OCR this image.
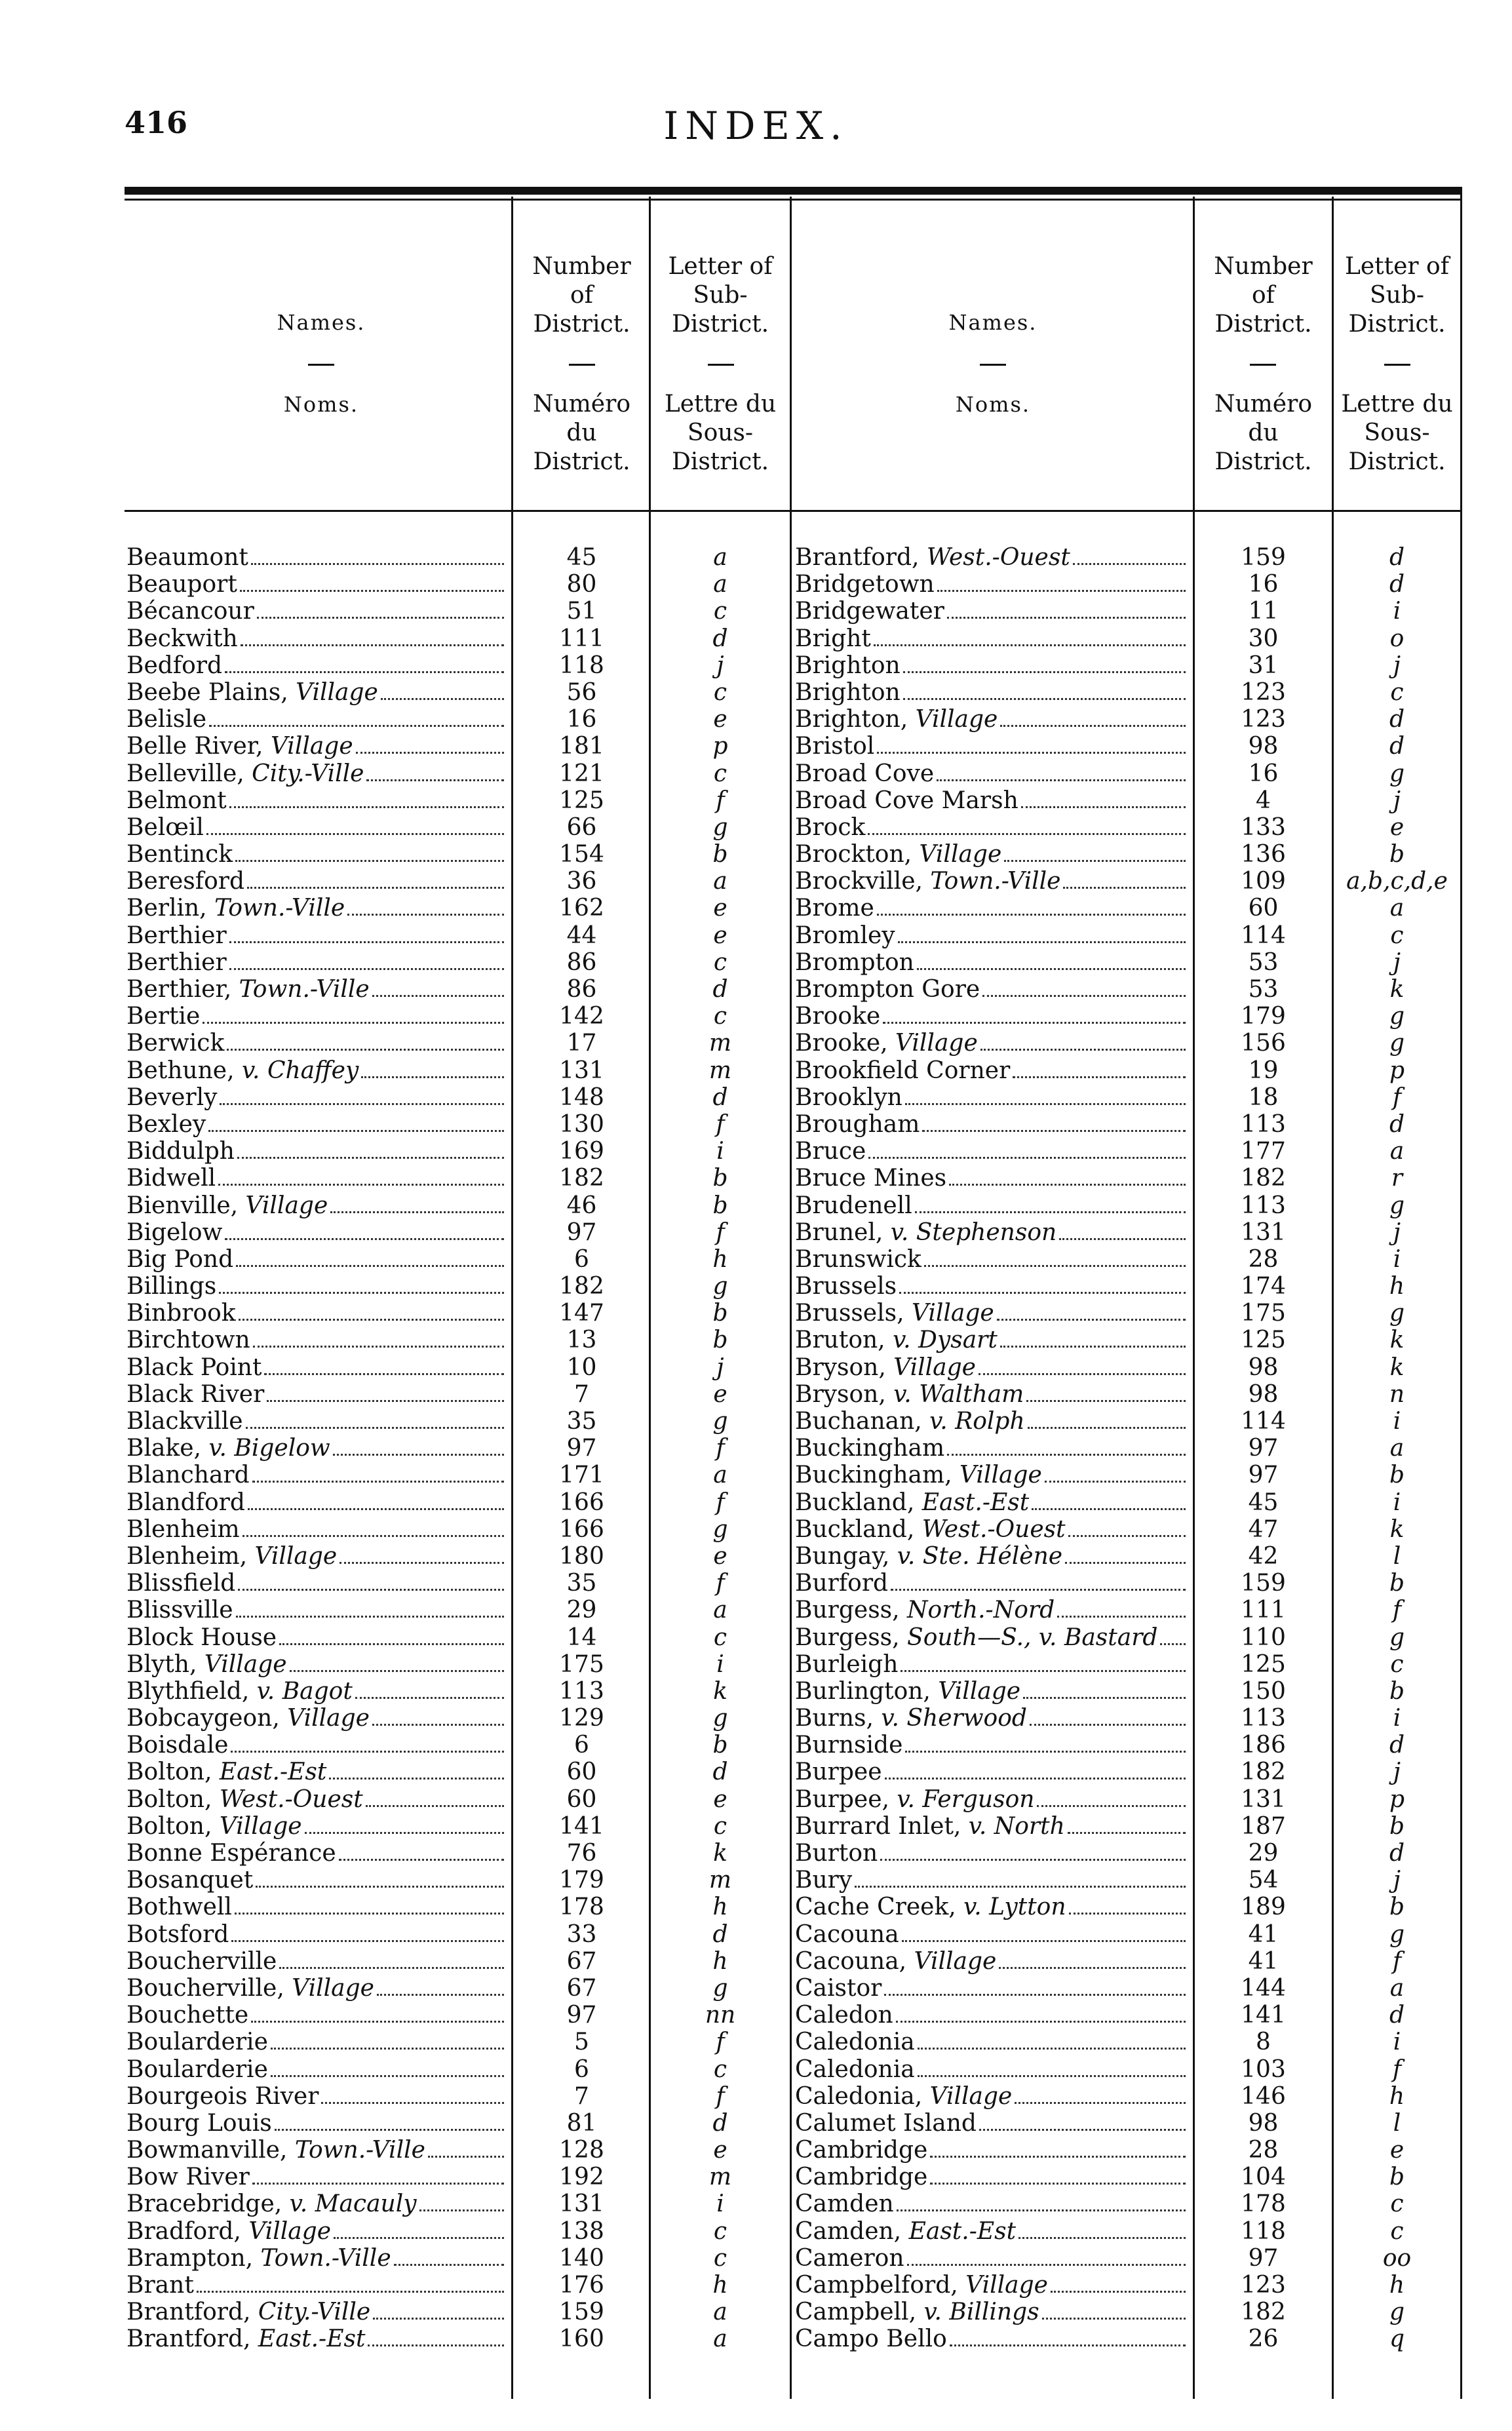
416	INDEX.
Names.
Noms.
Number
of
District.
Numéro
du
District.
Letter of
Sub-
District.
Lettre du
Sous-
District.
Names.
Noms.
Number
of
District.
Numéro
du
District.
Letter of
Sub-
District.
Lettre du
Sous-
District.
Beaumont
Beauport
Bécancour
Beckwith
Bedford
Beebe Plains, Village
Belisle
Belle River, Village
Belleville, City.-Ville
Belmont
Belœil
Bentinck
Beresford
Berlin, Town.-Ville
Berthier
Berthier
Berthier, Town.-Ville
Bertie
Berwick
Bethune, v. Chaffey
Beverly
Bexley
Biddulph
Bidwell
Bienville, Village
Bigelow
Big Pond
Billings
Binbrook
Birchtown
Black Point
Black River
Blackville
Blake, v. Bigelow
Blanchard
Blandford
Blenheim
Blenheim, Village
Blissfield
Blissville
Block House
Blyth, Village
Blythfield, v. Bagot
Bobcaygeon, Village
Boisdale
Bolton, East.-Est
Bolton, West.-Ouest
Bolton, Village
Bonne Espérance
Bosanquet
Bothwell
Botsford
Boucherville
Boucherville, Village
Bouchette
Boularderie
Boularderie
Bourgeois River
Bourg Louis
Bowmanville, Town.-Ville
Bow River
Bracebridge, v. Macauly
Bradford, Village
Brampton, Town.-Ville
Brant
Brantford, City.-Ville
Brantford, East.-Est
45
80
51
111
118
56
16
181
121
125
66
154
36
162
44
86
86
142
17
131
148
130
169
182
46
97
6
182
147
13
10
7
35
97
171
166
166
180
35
29
14
175
113
129
6
60
60
141
76
179
178
33
67
67
97
5
6
7
81
128
192
131
138
140
176
159
160
a
a
c
d
j
c
e
p
c
f
g
b
a
e
e
c
d
c
m
m
d
f
i
b
b
f
h
g
b
b
j
e
g
f
a
f
g
e
f
a
c
i
k
g
b
d
e
c
k
m
h
d
h
g
nn
f
c
f
d
e
m
i
c
c
h
a
a
Brantford, West.-Ouest
Bridgetown
Bridgewater
Bright
Brighton
Brighton
Brighton, Village
Bristol
Broad Cove
Broad Cove Marsh
Brock
Brockton, Village
Brockville, Town.-Ville
Brome
Bromley
Brompton
Brompton Gore
Brooke
Brooke, Village
Brookfield Corner
Brooklyn
Brougham
Bruce
Bruce Mines
Brudenell
Brunel, v. Stephenson
Brunswick
Brussels
Brussels, Village
Bruton, v. Dysart
Bryson, Village
Bryson, v. Waltham
Buchanan, v. Rolph
Buckingham
Buckingham, Village
Buckland, East.-Est
Buckland, West.-Ouest
Bungay, v. Ste. Hélène
Burford
Burgess, North.-Nord
Burgess, South—S., v. Bastard
Burleigh
Burlington, Village
Burns, v. Sherwood
Burnside
Burpee
Burpee, v. Ferguson
Burrard Inlet, v. North
Burton
Bury
Cache Creek, v. Lytton
Cacouna
Cacouna, Village
Caistor
Caledon
Caledonia
Caledonia
Caledonia, Village
Calumet Island
Cambridge
Cambridge
Camden
Camden, East.-Est
Cameron
Campbelford, Village
Campbell, v. Billings
Campo Bello
159
16
11
30
31
123
123
98
16
4
133
136
109
60
114
53
53
179
156
19
18
113
177
182
113
131
28
174
175
125
98
98
114
97
97
45
47
42
159
111
110
125
150
113
186
182
131
187
29
54
189
41
41
144
141
8
103
146
98
28
104
178
118
97
123
182
26
d
d
i
o
j
c
d
d
g
j
e
b
a,b,c,d,e
a
c
j
k
g
g
p
f
d
a
r
g
j
i
h
g
k
k
n
i
a
b
i
k
l
b
f
g
c
b
i
d
j
p
b
d
j
b
g
f
a
d
i
f
h
l
e
b
c
c
oo
h
g
q
